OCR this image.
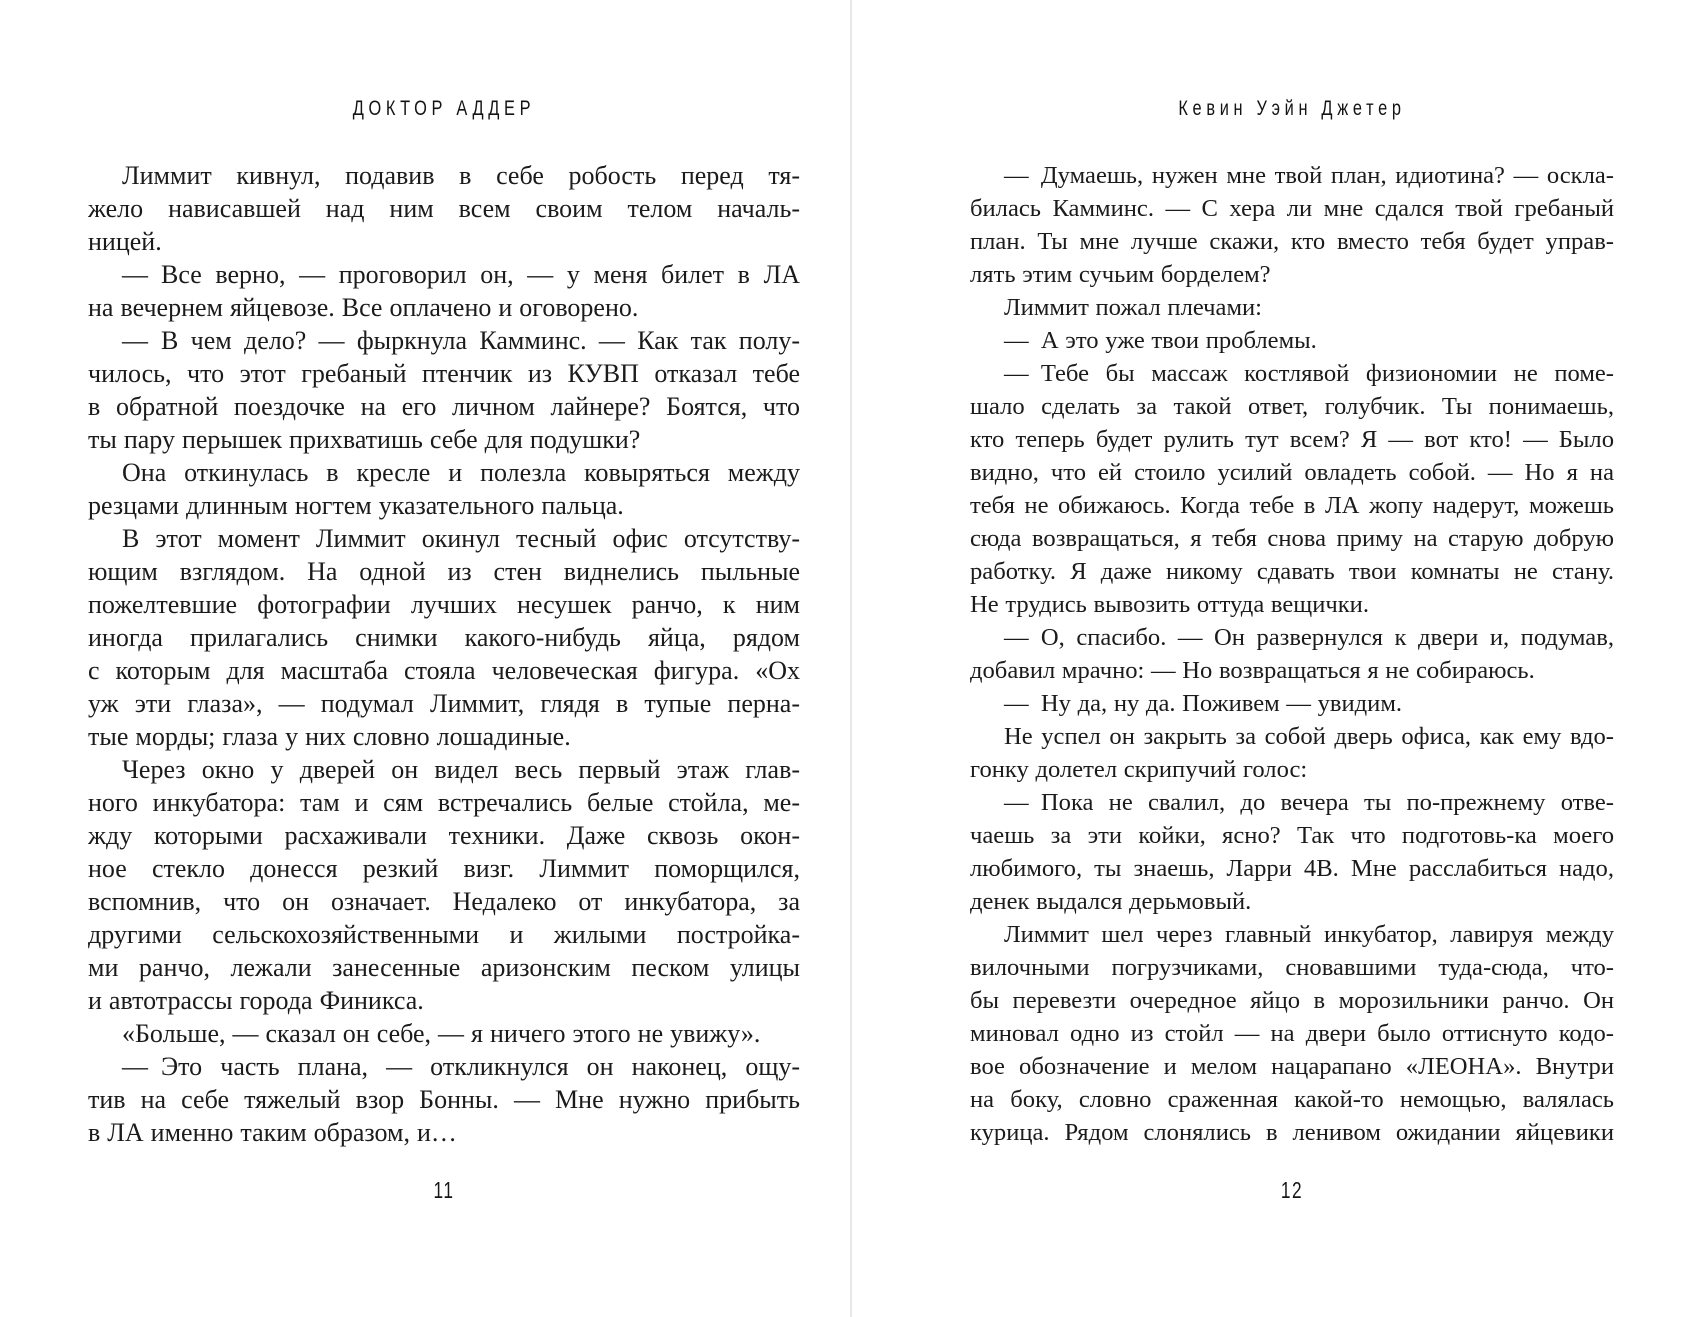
ДОКТОР АДДЕР
Лиммит кивнул, подавив в себе робость перед тя-
жело нависавшей над ним всем своим телом началь-
ницей.
— Все верно, — проговорил он, — у меня билет в ЛА
на вечернем яйцевозе. Все оплачено и оговорено.
— В чем дело? — фыркнула Камминс. — Как так полу-
чилось, что этот гребаный птенчик из КУВП отказал тебе
в обратной поездочке на его личном лайнере? Боятся, что
ты пару перышек прихватишь себе для подушки?
Она откинулась в кресле и полезла ковыряться между
резцами длинным ногтем указательного пальца.
В этот момент Лиммит окинул тесный офис отсутству-
ющим взглядом. На одной из стен виднелись пыльные
пожелтевшие фотографии лучших несушек ранчо, к ним
иногда прилагались снимки какого-нибудь яйца, рядом
с которым для масштаба стояла человеческая фигура. «Ох
уж эти глаза», — подумал Лиммит, глядя в тупые перна-
тые морды; глаза у них словно лошадиные.
Через окно у дверей он видел весь первый этаж глав-
ного инкубатора: там и сям встречались белые стойла, ме-
жду которыми расхаживали техники. Даже сквозь окон-
ное стекло донесся резкий визг. Лиммит поморщился,
вспомнив, что он означает. Недалеко от инкубатора, за
другими сельскохозяйственными и жилыми постройка-
ми ранчо, лежали занесенные аризонским песком улицы
и автотрассы города Финикса.
«Больше, — сказал он себе, — я ничего этого не увижу».
— Это часть плана, — откликнулся он наконец, ощу-
тив на себе тяжелый взор Бонны. — Мне нужно прибыть
в ЛА именно таким образом, и…
11
Кевин Уэйн Джетер
— Думаешь, нужен мне твой план, идиотина? — оскла-
билась Камминс. — С хера ли мне сдался твой гребаный
план. Ты мне лучше скажи, кто вместо тебя будет управ-
лять этим сучьим борделем?
Лиммит пожал плечами:
— А это уже твои проблемы.
— Тебе бы массаж костлявой физиономии не поме-
шало сделать за такой ответ, голубчик. Ты понимаешь,
кто теперь будет рулить тут всем? Я — вот кто! — Было
видно, что ей стоило усилий овладеть собой. — Но я на
тебя не обижаюсь. Когда тебе в ЛА жопу надерут, можешь
сюда возвращаться, я тебя снова приму на старую добрую
работку. Я даже никому сдавать твои комнаты не стану.
Не трудись вывозить оттуда вещички.
— О, спасибо. — Он развернулся к двери и, подумав,
добавил мрачно: — Но возвращаться я не собираюсь.
— Ну да, ну да. Поживем — увидим.
Не успел он закрыть за собой дверь офиса, как ему вдо-
гонку долетел скрипучий голос:
— Пока не свалил, до вечера ты по-прежнему отве-
чаешь за эти койки, ясно? Так что подготовь-ка моего
любимого, ты знаешь, Ларри 4В. Мне расслабиться надо,
денек выдался дерьмовый.
Лиммит шел через главный инкубатор, лавируя между
вилочными погрузчиками, сновавшими туда-сюда, что-
бы перевезти очередное яйцо в морозильники ранчо. Он
миновал одно из стойл — на двери было оттиснуто кодо-
вое обозначение и мелом нацарапано «ЛЕОНА». Внутри
на боку, словно сраженная какой-то немощью, валялась
курица. Рядом слонялись в ленивом ожидании яйцевики
12
